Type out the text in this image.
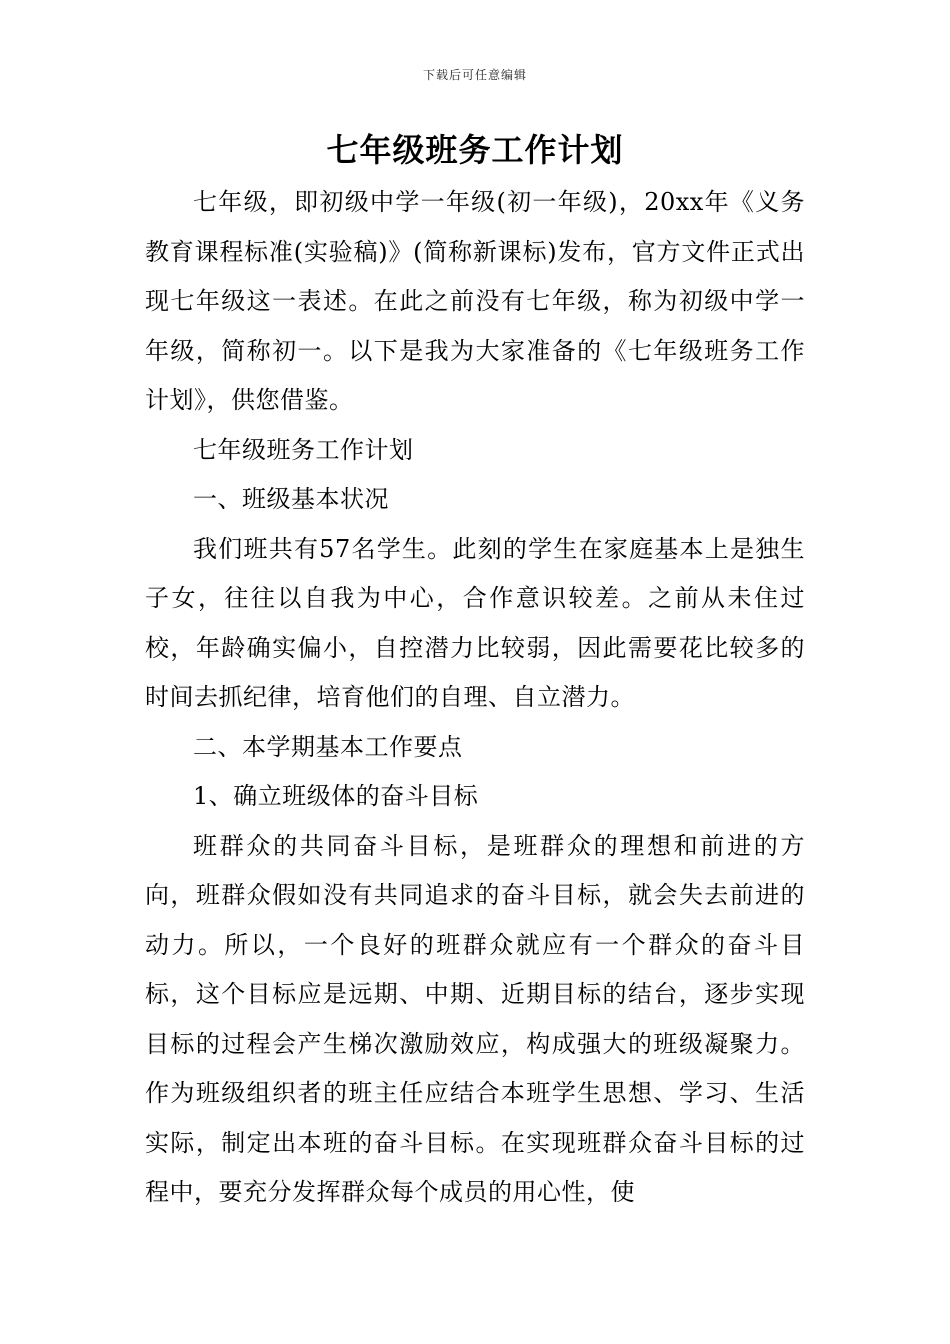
下载后可任意编辑
七年级班务工作计划

七年级，即初级中学一年级(初一年级)，20xx年《义务教育课程标准(实验稿)》(简称新课标)发布，官方文件正式出现七年级这一表述。在此之前没有七年级，称为初级中学一年级，简称初一。以下是我为大家准备的《七年级班务工作计划》，供您借鉴。

七年级班务工作计划

一、班级基本状况

我们班共有57名学生。此刻的学生在家庭基本上是独生子女，往往以自我为中心，合作意识较差。之前从未住过校，年龄确实偏小，自控潜力比较弱，因此需要花比较多的时间去抓纪律，培育他们的自理、自立潜力。

二、本学期基本工作要点

1、确立班级体的奋斗目标

班群众的共同奋斗目标，是班群众的理想和前进的方向，班群众假如没有共同追求的奋斗目标，就会失去前进的动力。所以，一个良好的班群众就应有一个群众的奋斗目标，这个目标应是远期、中期、近期目标的结台，逐步实现目标的过程会产生梯次激励效应，构成强大的班级凝聚力。作为班级组织者的班主任应结合本班学生思想、学习、生活实际，制定出本班的奋斗目标。在实现班群众奋斗目标的过程中，要充分发挥群众每个成员的用心性，使
